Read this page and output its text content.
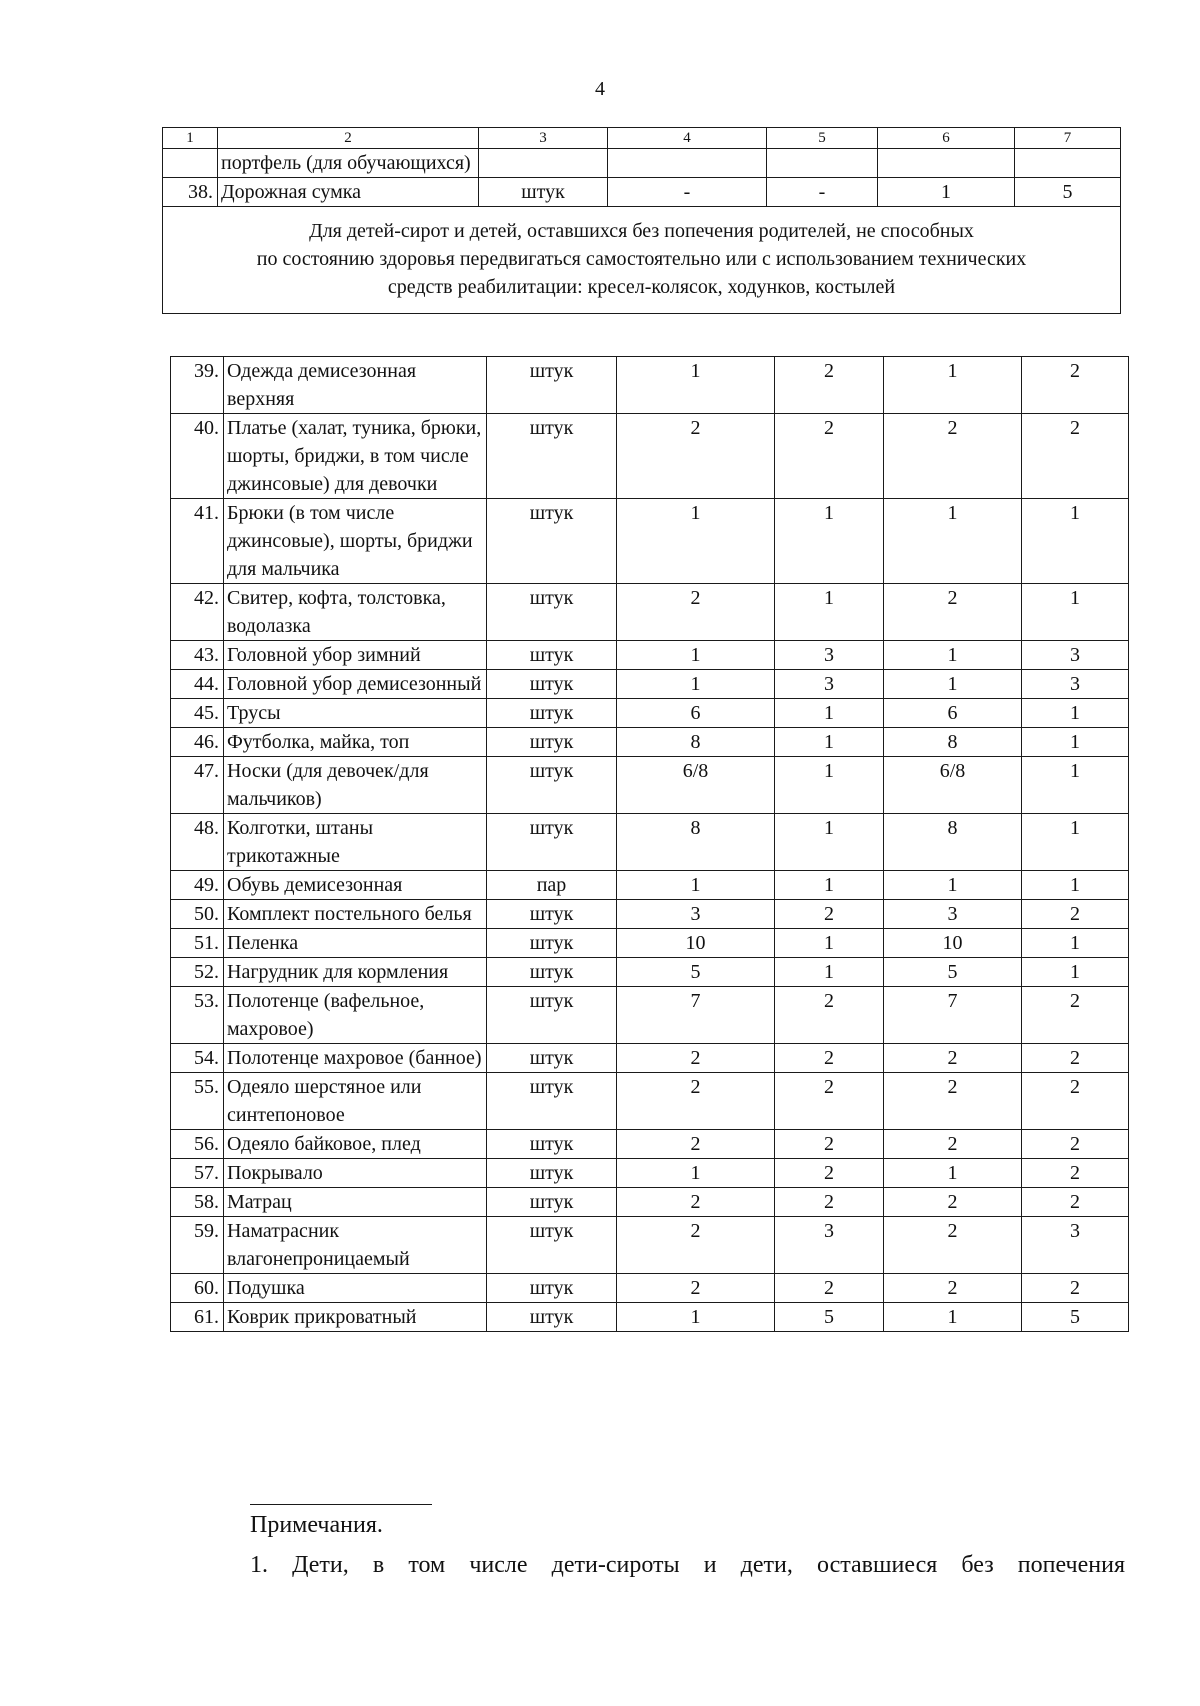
4
1	2	3	4	5	6	7
	портфель (для обучающихся)					
38.	Дорожная сумка	штук	-	-	1	5

Для детей-сирот и детей, оставшихся без попечения родителей, не способных
по состоянию здоровья передвигаться самостоятельно или с использованием технических
средств реабилитации: кресел-колясок, ходунков, костылей						
39.	Одежда демисезонная верхняя	штук	1	2	1	2
40.	Платье (халат, туника, брюки, шорты, бриджи, в том числе джинсовые) для девочки	штук	2	2	2	2
41.	Брюки (в том числе джинсовые), шорты, бриджи для мальчика	штук	1	1	1	1
42.	Свитер, кофта, толстовка, водолазка	штук	2	1	2	1
43.	Головной убор зимний	штук	1	3	1	3
44.	Головной убор демисезонный	штук	1	3	1	3
45.	Трусы	штук	6	1	6	1
46.	Футболка, майка, топ	штук	8	1	8	1
47.	Носки (для девочек/для мальчиков)	штук	6/8	1	6/8	1
48.	Колготки, штаны трикотажные	штук	8	1	8	1
49.	Обувь демисезонная	пар	1	1	1	1
50.	Комплект постельного белья	штук	3	2	3	2
51.	Пеленка	штук	10	1	10	1
52.	Нагрудник для кормления	штук	5	1	5	1
53.	Полотенце (вафельное, махровое)	штук	7	2	7	2
54.	Полотенце махровое (банное)	штук	2	2	2	2
55.	Одеяло шерстяное или синтепоновое	штук	2	2	2	2
56.	Одеяло байковое, плед	штук	2	2	2	2
57.	Покрывало	штук	1	2	1	2
58.	Матрац	штук	2	2	2	2
59.	Наматрасник влагонепроницаемый	штук	2	3	2	3
60.	Подушка	штук	2	2	2	2
61.	Коврик прикроватный	штук	1	5	1	5
Примечания.
1. Дети, в том числе дети-сироты и дети, оставшиеся без попечения
